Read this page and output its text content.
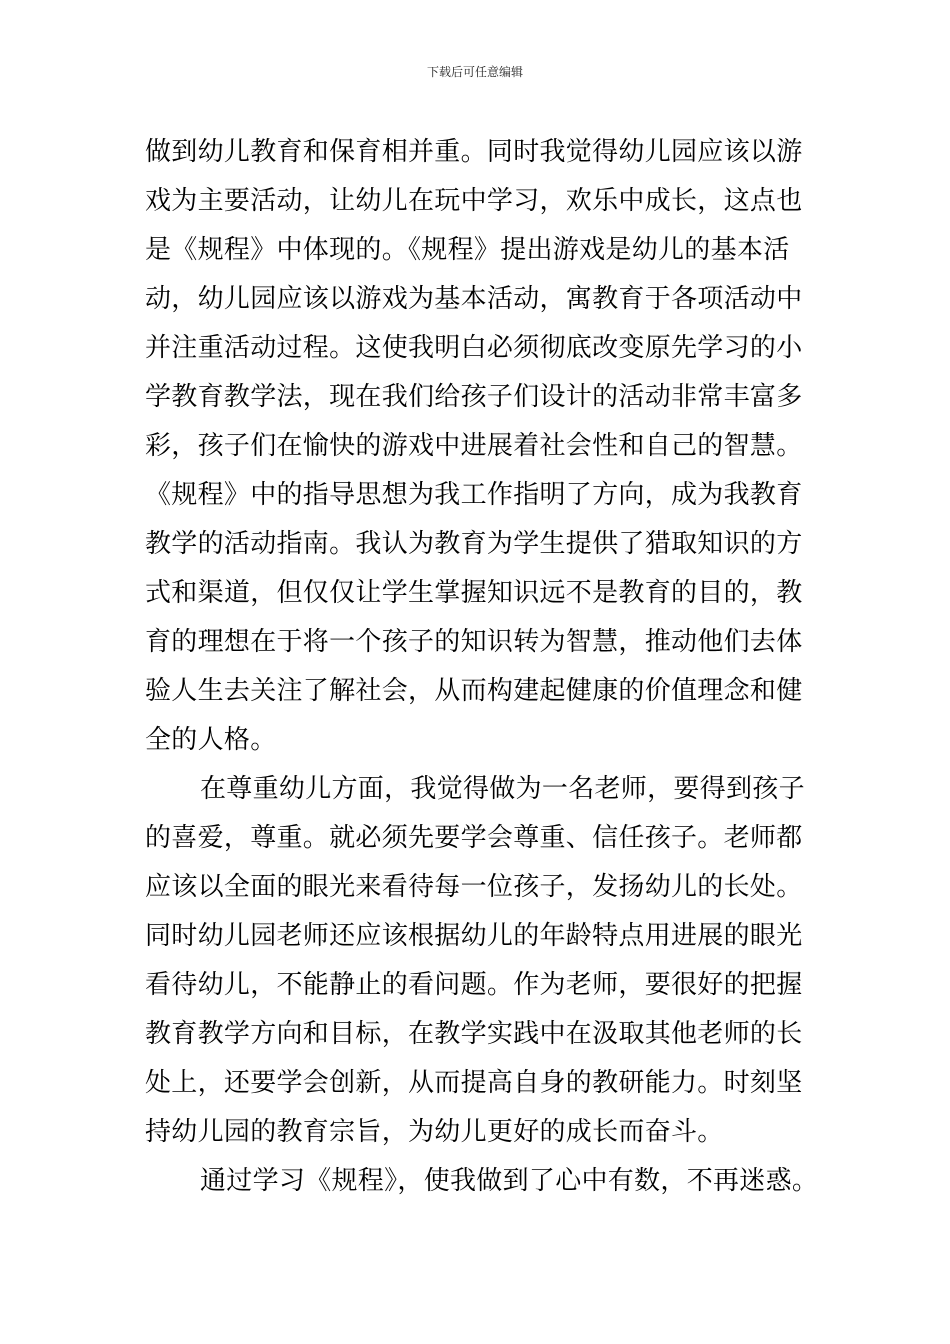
下载后可任意编辑
做到幼儿教育和保育相并重。同时我觉得幼儿园应该以游
戏为主要活动，让幼儿在玩中学习，欢乐中成长，这点也
是《规程》中体现的。《规程》提出游戏是幼儿的基本活
动，幼儿园应该以游戏为基本活动，寓教育于各项活动中
并注重活动过程。这使我明白必须彻底改变原先学习的小
学教育教学法，现在我们给孩子们设计的活动非常丰富多
彩，孩子们在愉快的游戏中进展着社会性和自己的智慧。
《规程》中的指导思想为我工作指明了方向，成为我教育
教学的活动指南。我认为教育为学生提供了猎取知识的方
式和渠道，但仅仅让学生掌握知识远不是教育的目的，教
育的理想在于将一个孩子的知识转为智慧，推动他们去体
验人生去关注了解社会，从而构建起健康的价值理念和健
全的人格。
在尊重幼儿方面，我觉得做为一名老师，要得到孩子
的喜爱，尊重。就必须先要学会尊重、信任孩子。老师都
应该以全面的眼光来看待每一位孩子，发扬幼儿的长处。
同时幼儿园老师还应该根据幼儿的年龄特点用进展的眼光
看待幼儿，不能静止的看问题。作为老师，要很好的把握
教育教学方向和目标，在教学实践中在汲取其他老师的长
处上，还要学会创新，从而提高自身的教研能力。时刻坚
持幼儿园的教育宗旨，为幼儿更好的成长而奋斗。
通过学习《规程》，使我做到了心中有数，不再迷惑。
